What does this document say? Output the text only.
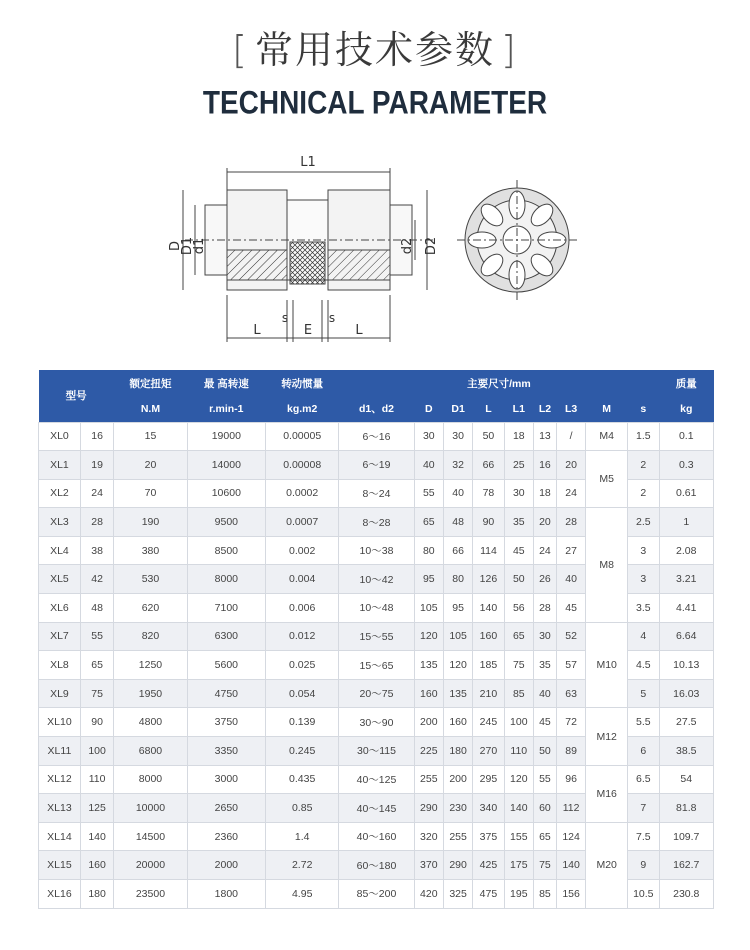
[ 常用技术参数 ]
TECHNICAL PARAMETER
L1
D
D1
d1	d2 D2
L
s
E
s
L
型号		额定扭矩	最 高转速	转动惯量	主要尺寸/mm									质量
		N.M	r.min-1	kg.m2	d1、d2	D	D1	L	L1	L2	L3	M	s	kg
XL0	16	15	19000	0.00005	6～16	30	30	50	18	13	/	M4	1.5	0.1
XL1	19	20	14000	0.00008	6～19	40	32	66	25	16	20	M5	2	0.3
XL2	24	70	10600	0.0002	8～24	55	40	78	30	18	24		2	0.61
XL3	28	190	9500	0.0007	8～28	65	48	90	35	20	28	M8	2.5	1
XL4	38	380	8500	0.002	10～38	80	66	114	45	24	27		3	2.08
XL5	42	530	8000	0.004	10～42	95	80	126	50	26	40		3	3.21
XL6	48	620	7100	0.006	10～48	105	95	140	56	28	45		3.5	4.41
XL7	55	820	6300	0.012	15～55	120	105	160	65	30	52	M10	4	6.64
XL8	65	1250	5600	0.025	15～65	135	120	185	75	35	57		4.5	10.13
XL9	75	1950	4750	0.054	20～75	160	135	210	85	40	63		5	16.03
XL10	90	4800	3750	0.139	30～90	200	160	245	100	45	72	M12	5.5	27.5
XL11	100	6800	3350	0.245	30～115	225	180	270	110	50	89		6	38.5
XL12	110	8000	3000	0.435	40～125	255	200	295	120	55	96	M16	6.5	54
XL13	125	10000	2650	0.85	40～145	290	230	340	140	60	112		7	81.8
XL14	140	14500	2360	1.4	40～160	320	255	375	155	65	124	M20	7.5	109.7
XL15	160	20000	2000	2.72	60～180	370	290	425	175	75	140		9	162.7
XL16	180	23500	1800	4.95	85～200	420	325	475	195	85	156		10.5	230.8
